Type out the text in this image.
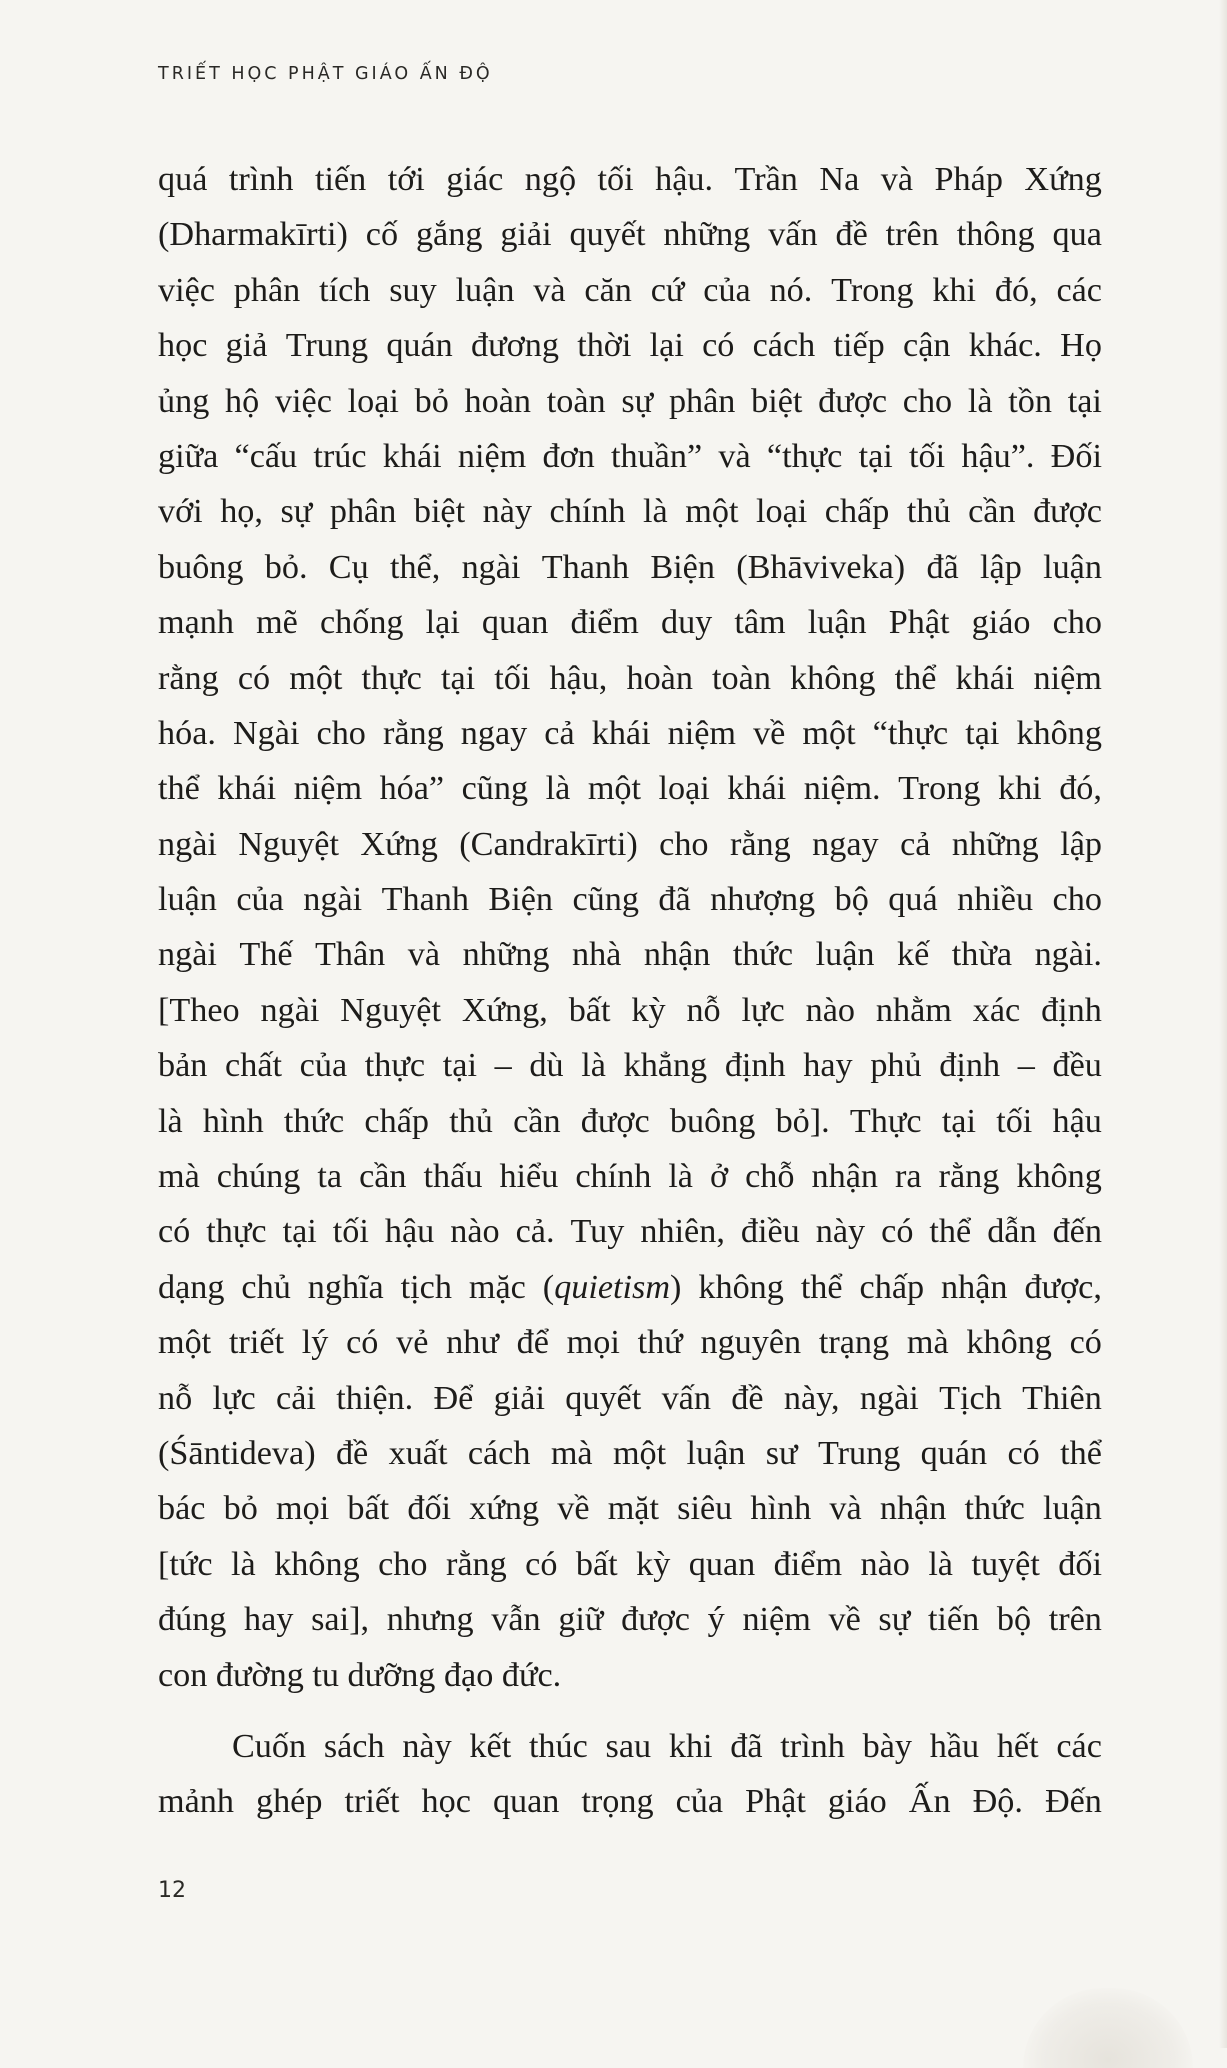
TRIẾT HỌC PHẬT GIÁO ẤN ĐỘ
quá trình tiến tới giác ngộ tối hậu. Trần Na và Pháp Xứng
(Dharmakīrti) cố gắng giải quyết những vấn đề trên thông qua
việc phân tích suy luận và căn cứ của nó. Trong khi đó, các
học giả Trung quán đương thời lại có cách tiếp cận khác. Họ
ủng hộ việc loại bỏ hoàn toàn sự phân biệt được cho là tồn tại
giữa “cấu trúc khái niệm đơn thuần” và “thực tại tối hậu”. Đối
với họ, sự phân biệt này chính là một loại chấp thủ cần được
buông bỏ. Cụ thể, ngài Thanh Biện (Bhāviveka) đã lập luận
mạnh mẽ chống lại quan điểm duy tâm luận Phật giáo cho
rằng có một thực tại tối hậu, hoàn toàn không thể khái niệm
hóa. Ngài cho rằng ngay cả khái niệm về một “thực tại không
thể khái niệm hóa” cũng là một loại khái niệm. Trong khi đó,
ngài Nguyệt Xứng (Candrakīrti) cho rằng ngay cả những lập
luận của ngài Thanh Biện cũng đã nhượng bộ quá nhiều cho
ngài Thế Thân và những nhà nhận thức luận kế thừa ngài.
[Theo ngài Nguyệt Xứng, bất kỳ nỗ lực nào nhằm xác định
bản chất của thực tại – dù là khẳng định hay phủ định – đều
là hình thức chấp thủ cần được buông bỏ]. Thực tại tối hậu
mà chúng ta cần thấu hiểu chính là ở chỗ nhận ra rằng không
có thực tại tối hậu nào cả. Tuy nhiên, điều này có thể dẫn đến
dạng chủ nghĩa tịch mặc (quietism) không thể chấp nhận được,
một triết lý có vẻ như để mọi thứ nguyên trạng mà không có
nỗ lực cải thiện. Để giải quyết vấn đề này, ngài Tịch Thiên
(Śāntideva) đề xuất cách mà một luận sư Trung quán có thể
bác bỏ mọi bất đối xứng về mặt siêu hình và nhận thức luận
[tức là không cho rằng có bất kỳ quan điểm nào là tuyệt đối
đúng hay sai], nhưng vẫn giữ được ý niệm về sự tiến bộ trên
con đường tu dưỡng đạo đức.
Cuốn sách này kết thúc sau khi đã trình bày hầu hết các
mảnh ghép triết học quan trọng của Phật giáo Ấn Độ. Đến
12
